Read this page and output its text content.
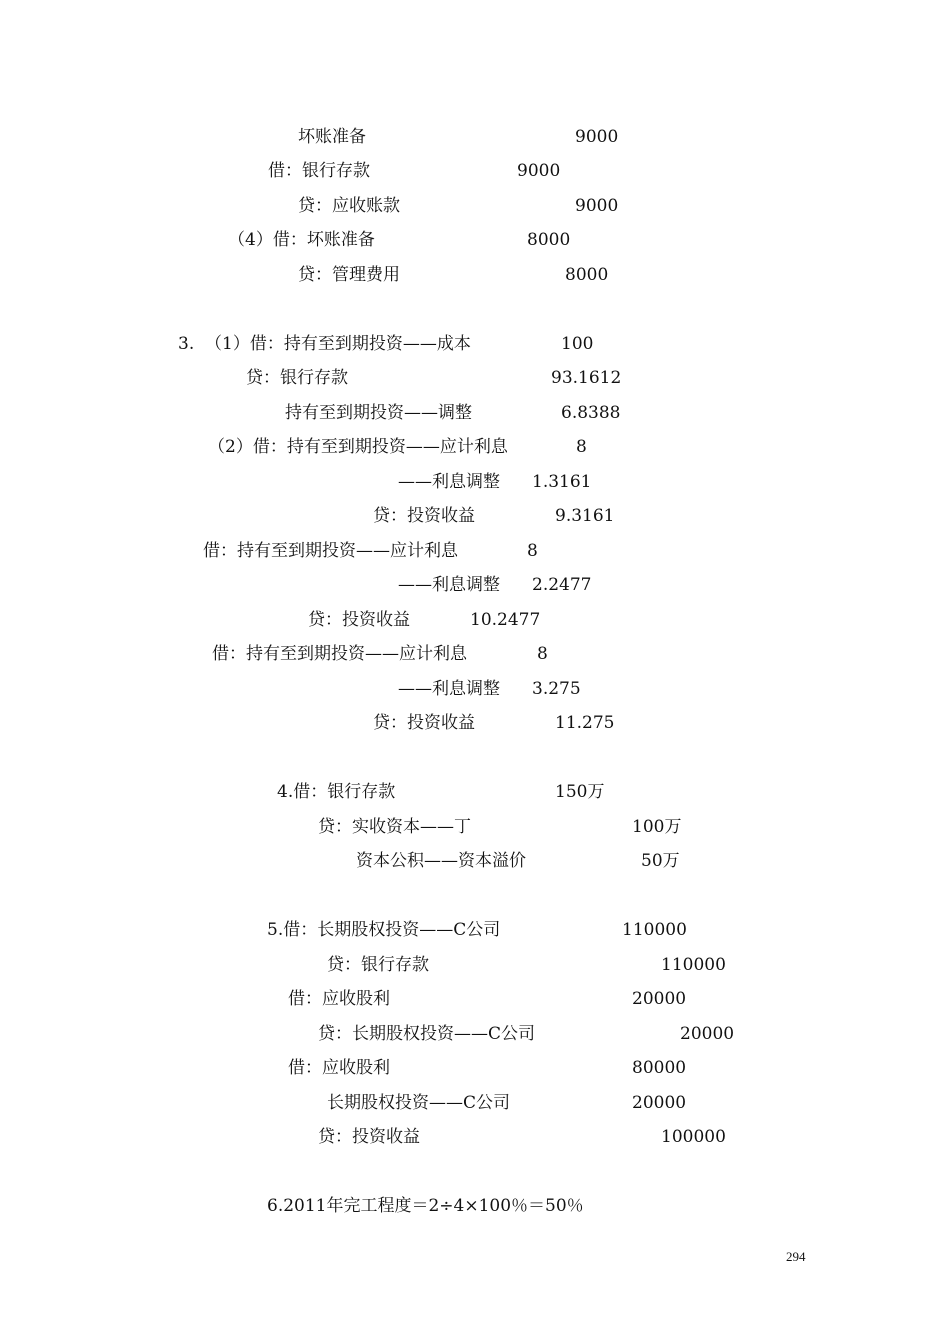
坏账准备	9000
借：银行存款	9000
贷：应收账款	9000
（4）借：坏账准备	8000
贷：管理费用	8000
3.  （1）借：持有至到期投资——成本	100
贷：银行存款	93.1612
持有至到期投资——调整	6.8388
（2）借：持有至到期投资——应计利息	8
——利息调整 1.3161
贷：投资收益	9.3161
借：持有至到期投资——应计利息	8
——利息调整 2.2477
贷：投资收益	10.2477
借：持有至到期投资——应计利息	8
——利息调整 3.275
贷：投资收益	11.275
4.借：银行存款	150万
贷：实收资本——丁	100万
资本公积——资本溢价	50万
5.借：长期股权投资——C公司	110000
贷：银行存款	110000
借：应收股利	20000
贷：长期股权投资——C公司	20000
借：应收股利	80000
长期股权投资——C公司	20000
贷：投资收益	100000
6.2011年完工程度＝2÷4×100％＝50％
294
